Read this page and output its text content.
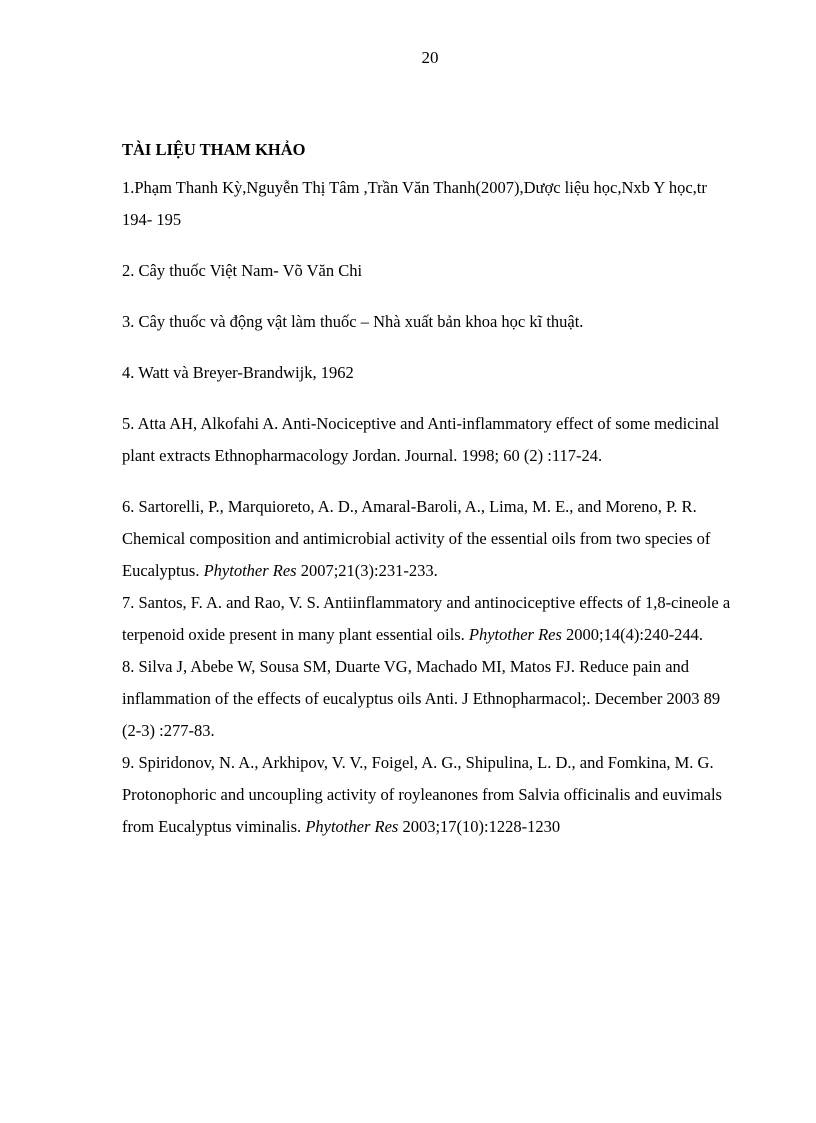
20
TÀI LIỆU THAM KHẢO

1.Phạm Thanh Kỳ,Nguyễn Thị Tâm ,Trần Văn Thanh(2007),Dược liệu học,Nxb Y học,tr 194- 195

2. Cây thuốc Việt Nam- Võ Văn Chi

3. Cây thuốc và động vật làm thuốc – Nhà xuất bản khoa học kĩ thuật.

4. Watt và Breyer-Brandwijk, 1962

5. Atta AH, Alkofahi A. Anti-Nociceptive and Anti-inflammatory effect of some medicinal plant extracts Ethnopharmacology Jordan. Journal. 1998; 60 (2) :117-24.

6. Sartorelli, P., Marquioreto, A. D., Amaral-Baroli, A., Lima, M. E., and Moreno, P. R. Chemical composition and antimicrobial activity of the essential oils from two species of Eucalyptus. Phytother Res 2007;21(3):231-233.

7. Santos, F. A. and Rao, V. S. Antiinflammatory and antinociceptive effects of 1,8-cineole a terpenoid oxide present in many plant essential oils. Phytother Res 2000;14(4):240-244.

8. Silva J, Abebe W, Sousa SM, Duarte VG, Machado MI, Matos FJ. Reduce pain and inflammation of the effects of eucalyptus oils Anti. J Ethnopharmacol;. December 2003 89 (2-3) :277-83.

9. Spiridonov, N. A., Arkhipov, V. V., Foigel, A. G., Shipulina, L. D., and Fomkina, M. G. Protonophoric and uncoupling activity of royleanones from Salvia officinalis and euvimals from Eucalyptus viminalis. Phytother Res 2003;17(10):1228-1230
